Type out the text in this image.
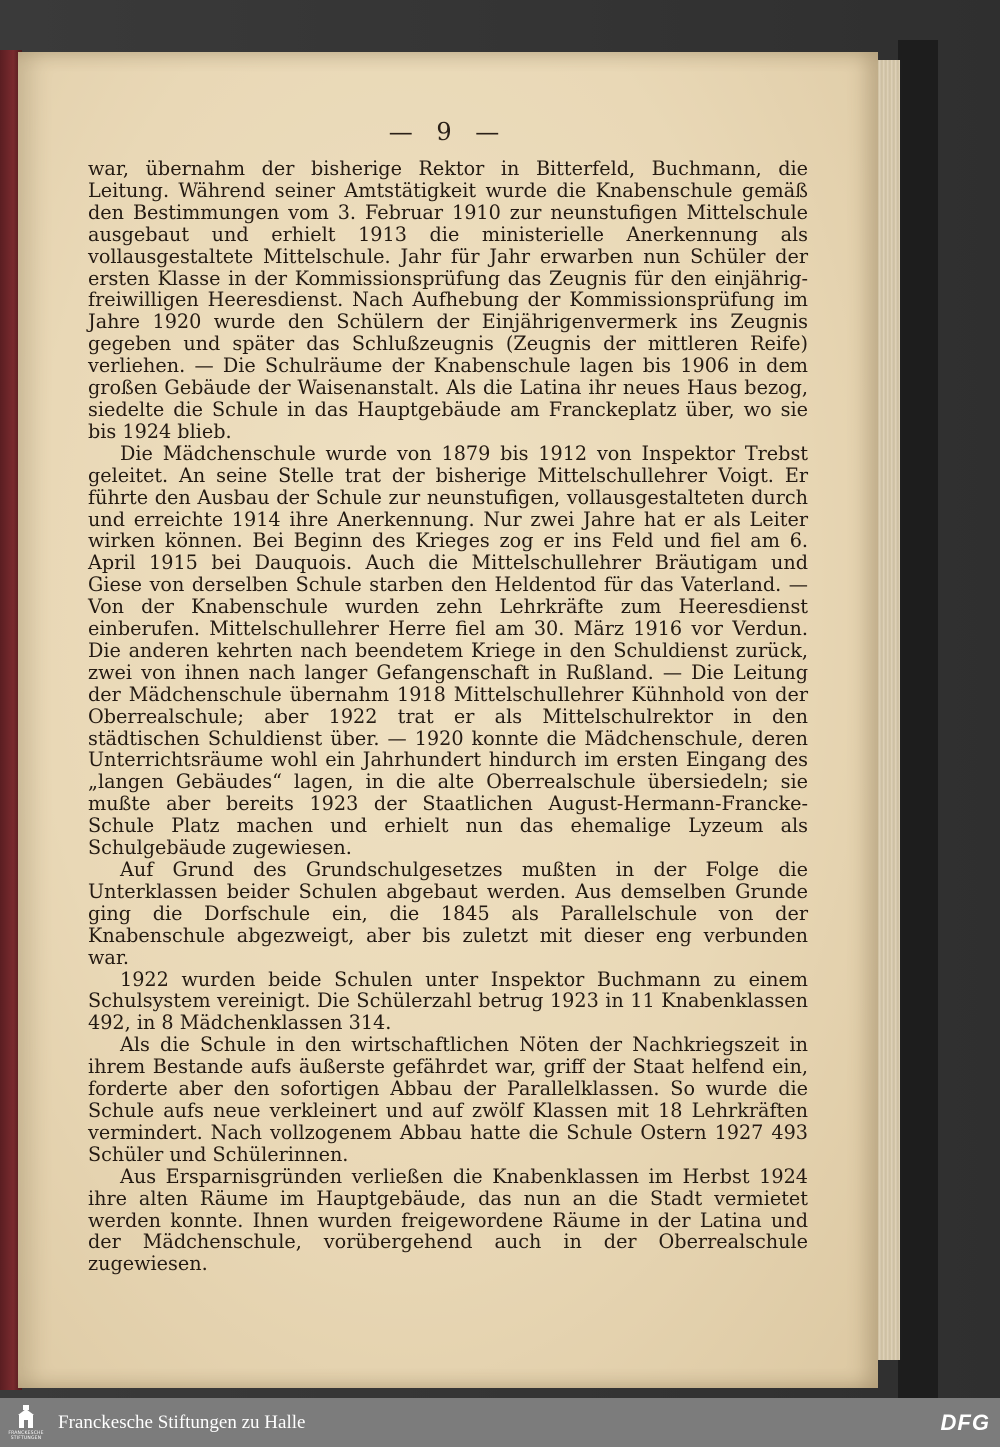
— 9 —

war, übernahm der bisherige Rektor in Bitterfeld, Buchmann, die Leitung. Während seiner Amtstätigkeit wurde die Knabenschule gemäß den Bestimmungen vom 3. Februar 1910 zur neunstufigen Mittelschule ausgebaut und erhielt 1913 die ministerielle Anerkennung als vollausgestaltete Mittelschule. Jahr für Jahr erwarben nun Schüler der ersten Klasse in der Kommissionsprüfung das Zeugnis für den einjährig-freiwilligen Heeresdienst. Nach Aufhebung der Kommissionsprüfung im Jahre 1920 wurde den Schülern der Einjährigenvermerk ins Zeugnis gegeben und später das Schlußzeugnis (Zeugnis der mittleren Reife) verliehen. — Die Schulräume der Knabenschule lagen bis 1906 in dem großen Gebäude der Waisenanstalt. Als die Latina ihr neues Haus bezog, siedelte die Schule in das Hauptgebäude am Franckeplatz über, wo sie bis 1924 blieb.

Die Mädchenschule wurde von 1879 bis 1912 von Inspektor Trebst geleitet. An seine Stelle trat der bisherige Mittelschullehrer Voigt. Er führte den Ausbau der Schule zur neunstufigen, vollausgestalteten durch und erreichte 1914 ihre Anerkennung. Nur zwei Jahre hat er als Leiter wirken können. Bei Beginn des Krieges zog er ins Feld und fiel am 6. April 1915 bei Dauquois. Auch die Mittelschullehrer Bräutigam und Giese von derselben Schule starben den Heldentod für das Vaterland. — Von der Knabenschule wurden zehn Lehrkräfte zum Heeresdienst einberufen. Mittelschullehrer Herre fiel am 30. März 1916 vor Verdun. Die anderen kehrten nach beendetem Kriege in den Schuldienst zurück, zwei von ihnen nach langer Gefangenschaft in Rußland. — Die Leitung der Mädchenschule übernahm 1918 Mittelschullehrer Kühnhold von der Oberrealschule; aber 1922 trat er als Mittelschulrektor in den städtischen Schuldienst über. — 1920 konnte die Mädchenschule, deren Unterrichtsräume wohl ein Jahrhundert hindurch im ersten Eingang des „langen Gebäudes“ lagen, in die alte Oberrealschule übersiedeln; sie mußte aber bereits 1923 der Staatlichen August-Hermann-Francke-Schule Platz machen und erhielt nun das ehemalige Lyzeum als Schulgebäude zugewiesen.

Auf Grund des Grundschulgesetzes mußten in der Folge die Unterklassen beider Schulen abgebaut werden. Aus demselben Grunde ging die Dorfschule ein, die 1845 als Parallelschule von der Knabenschule abgezweigt, aber bis zuletzt mit dieser eng verbunden war.

1922 wurden beide Schulen unter Inspektor Buchmann zu einem Schulsystem vereinigt. Die Schülerzahl betrug 1923 in 11 Knabenklassen 492, in 8 Mädchenklassen 314.

Als die Schule in den wirtschaftlichen Nöten der Nachkriegszeit in ihrem Bestande aufs äußerste gefährdet war, griff der Staat helfend ein, forderte aber den sofortigen Abbau der Parallelklassen. So wurde die Schule aufs neue verkleinert und auf zwölf Klassen mit 18 Lehrkräften vermindert. Nach vollzogenem Abbau hatte die Schule Ostern 1927 493 Schüler und Schülerinnen.

Aus Ersparnisgründen verließen die Knabenklassen im Herbst 1924 ihre alten Räume im Hauptgebäude, das nun an die Stadt vermietet werden konnte. Ihnen wurden freigewordene Räume in der Latina und der Mädchenschule, vorübergehend auch in der Oberrealschule zugewiesen.

FRANCKESCHE STIFTUNGEN
Franckesche Stiftungen zu Halle	DFG
